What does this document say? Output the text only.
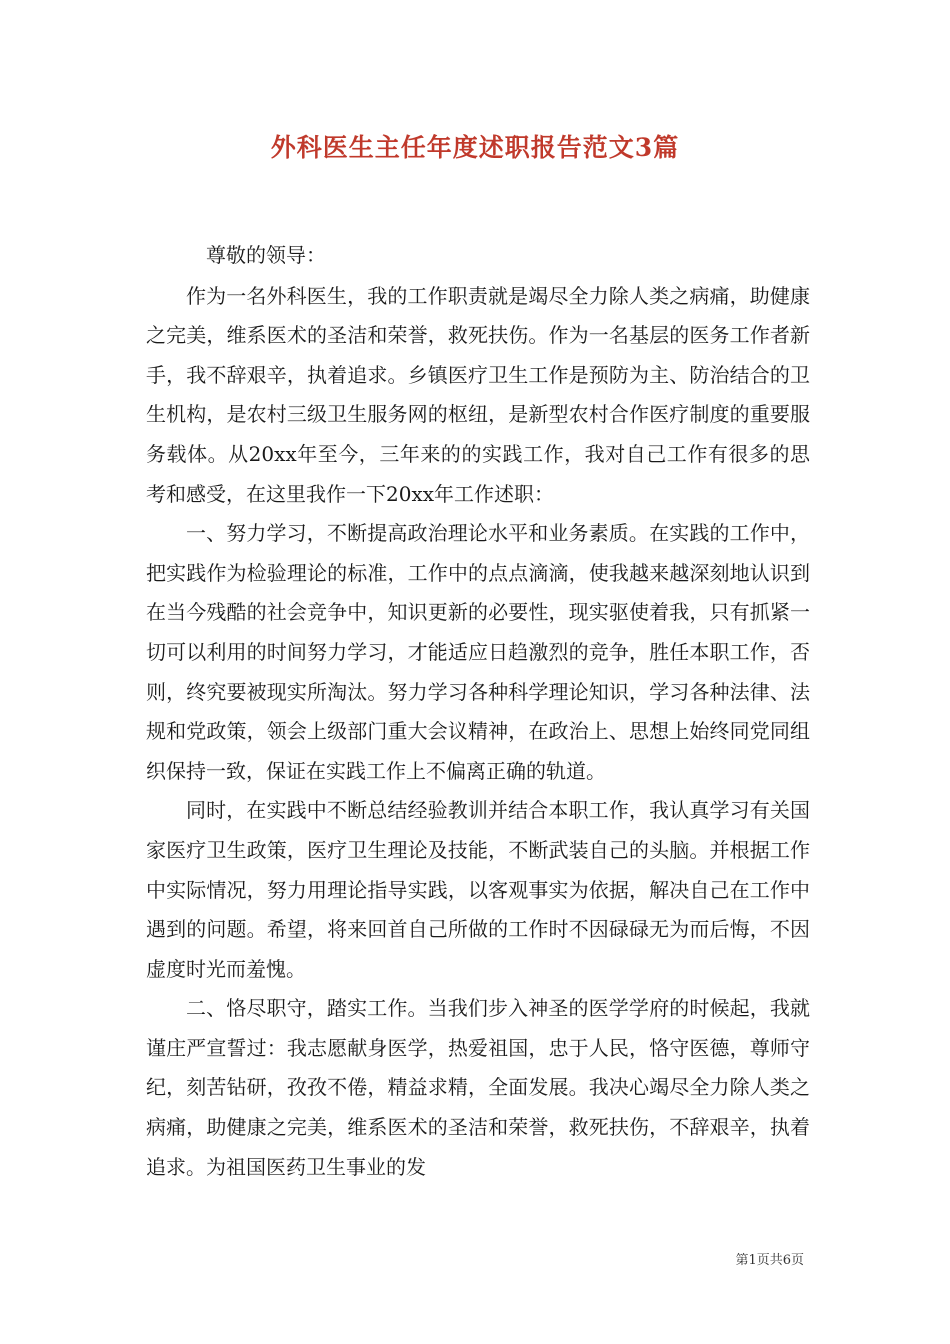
外科医生主任年度述职报告范文3篇

尊敬的领导：

作为一名外科医生，我的工作职责就是竭尽全力除人类之病痛，助健康之完美，维系医术的圣洁和荣誉，救死扶伤。作为一名基层的医务工作者新手，我不辞艰辛，执着追求。乡镇医疗卫生工作是预防为主、防治结合的卫生机构，是农村三级卫生服务网的枢纽，是新型农村合作医疗制度的重要服务载体。从20xx年至今，三年来的的实践工作，我对自己工作有很多的思考和感受，在这里我作一下20xx年工作述职：

一、努力学习，不断提高政治理论水平和业务素质。在实践的工作中，把实践作为检验理论的标准，工作中的点点滴滴，使我越来越深刻地认识到在当今残酷的社会竞争中，知识更新的必要性，现实驱使着我，只有抓紧一切可以利用的时间努力学习，才能适应日趋激烈的竞争，胜任本职工作，否则，终究要被现实所淘汰。努力学习各种科学理论知识，学习各种法律、法规和党政策，领会上级部门重大会议精神，在政治上、思想上始终同党同组织保持一致，保证在实践工作上不偏离正确的轨道。

同时，在实践中不断总结经验教训并结合本职工作，我认真学习有关国家医疗卫生政策，医疗卫生理论及技能，不断武装自己的头脑。并根据工作中实际情况，努力用理论指导实践，以客观事实为依据，解决自己在工作中遇到的问题。希望，将来回首自己所做的工作时不因碌碌无为而后悔，不因虚度时光而羞愧。

二、恪尽职守，踏实工作。当我们步入神圣的医学学府的时候起，我就谨庄严宣誓过：我志愿献身医学，热爱祖国，忠于人民，恪守医德，尊师守纪，刻苦钻研，孜孜不倦，精益求精，全面发展。我决心竭尽全力除人类之病痛，助健康之完美，维系医术的圣洁和荣誉，救死扶伤，不辞艰辛，执着追求。为祖国医药卫生事业的发

第1页共6页
